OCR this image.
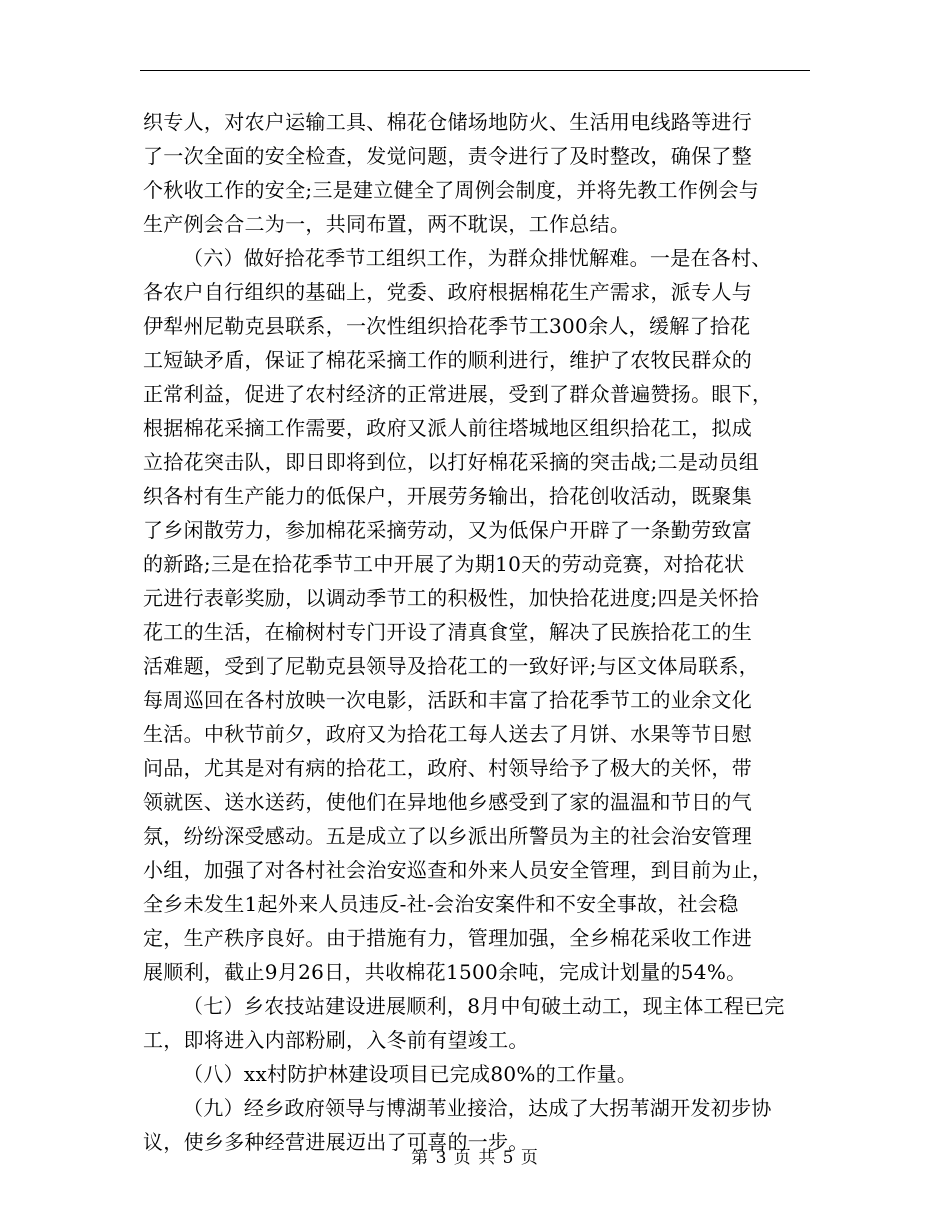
织专人，对农户运输工具、棉花仓储场地防火、生活用电线路等进行
了一次全面的安全检查，发觉问题，责令进行了及时整改，确保了整
个秋收工作的安全;三是建立健全了周例会制度，并将先教工作例会与
生产例会合二为一，共同布置，两不耽误，工作总结。
（六）做好拾花季节工组织工作，为群众排忧解难。一是在各村、
各农户自行组织的基础上，党委、政府根据棉花生产需求，派专人与
伊犁州尼勒克县联系，一次性组织拾花季节工300余人，缓解了拾花
工短缺矛盾，保证了棉花采摘工作的顺利进行，维护了农牧民群众的
正常利益，促进了农村经济的正常进展，受到了群众普遍赞扬。眼下，
根据棉花采摘工作需要，政府又派人前往塔城地区组织拾花工，拟成
立拾花突击队，即日即将到位，以打好棉花采摘的突击战;二是动员组
织各村有生产能力的低保户，开展劳务输出，拾花创收活动，既聚集
了乡闲散劳力，参加棉花采摘劳动，又为低保户开辟了一条勤劳致富
的新路;三是在拾花季节工中开展了为期10天的劳动竞赛，对拾花状
元进行表彰奖励，以调动季节工的积极性，加快拾花进度;四是关怀拾
花工的生活，在榆树村专门开设了清真食堂，解决了民族拾花工的生
活难题，受到了尼勒克县领导及拾花工的一致好评;与区文体局联系，
每周巡回在各村放映一次电影，活跃和丰富了拾花季节工的业余文化
生活。中秋节前夕，政府又为拾花工每人送去了月饼、水果等节日慰
问品，尤其是对有病的拾花工，政府、村领导给予了极大的关怀，带
领就医、送水送药，使他们在异地他乡感受到了家的温温和节日的气
氛，纷纷深受感动。五是成立了以乡派出所警员为主的社会治安管理
小组，加强了对各村社会治安巡查和外来人员安全管理，到目前为止，
全乡未发生1起外来人员违反-社-会治安案件和不安全事故，社会稳
定，生产秩序良好。由于措施有力，管理加强，全乡棉花采收工作进
展顺利，截止9月26日，共收棉花1500余吨，完成计划量的54%。
（七）乡农技站建设进展顺利，8月中旬破土动工，现主体工程已完
工，即将进入内部粉刷，入冬前有望竣工。
（八）xx村防护林建设项目已完成80%的工作量。
（九）经乡政府领导与博湖苇业接洽，达成了大拐苇湖开发初步协
议，使乡多种经营进展迈出了可喜的一步。
第 3 页 共 5 页
